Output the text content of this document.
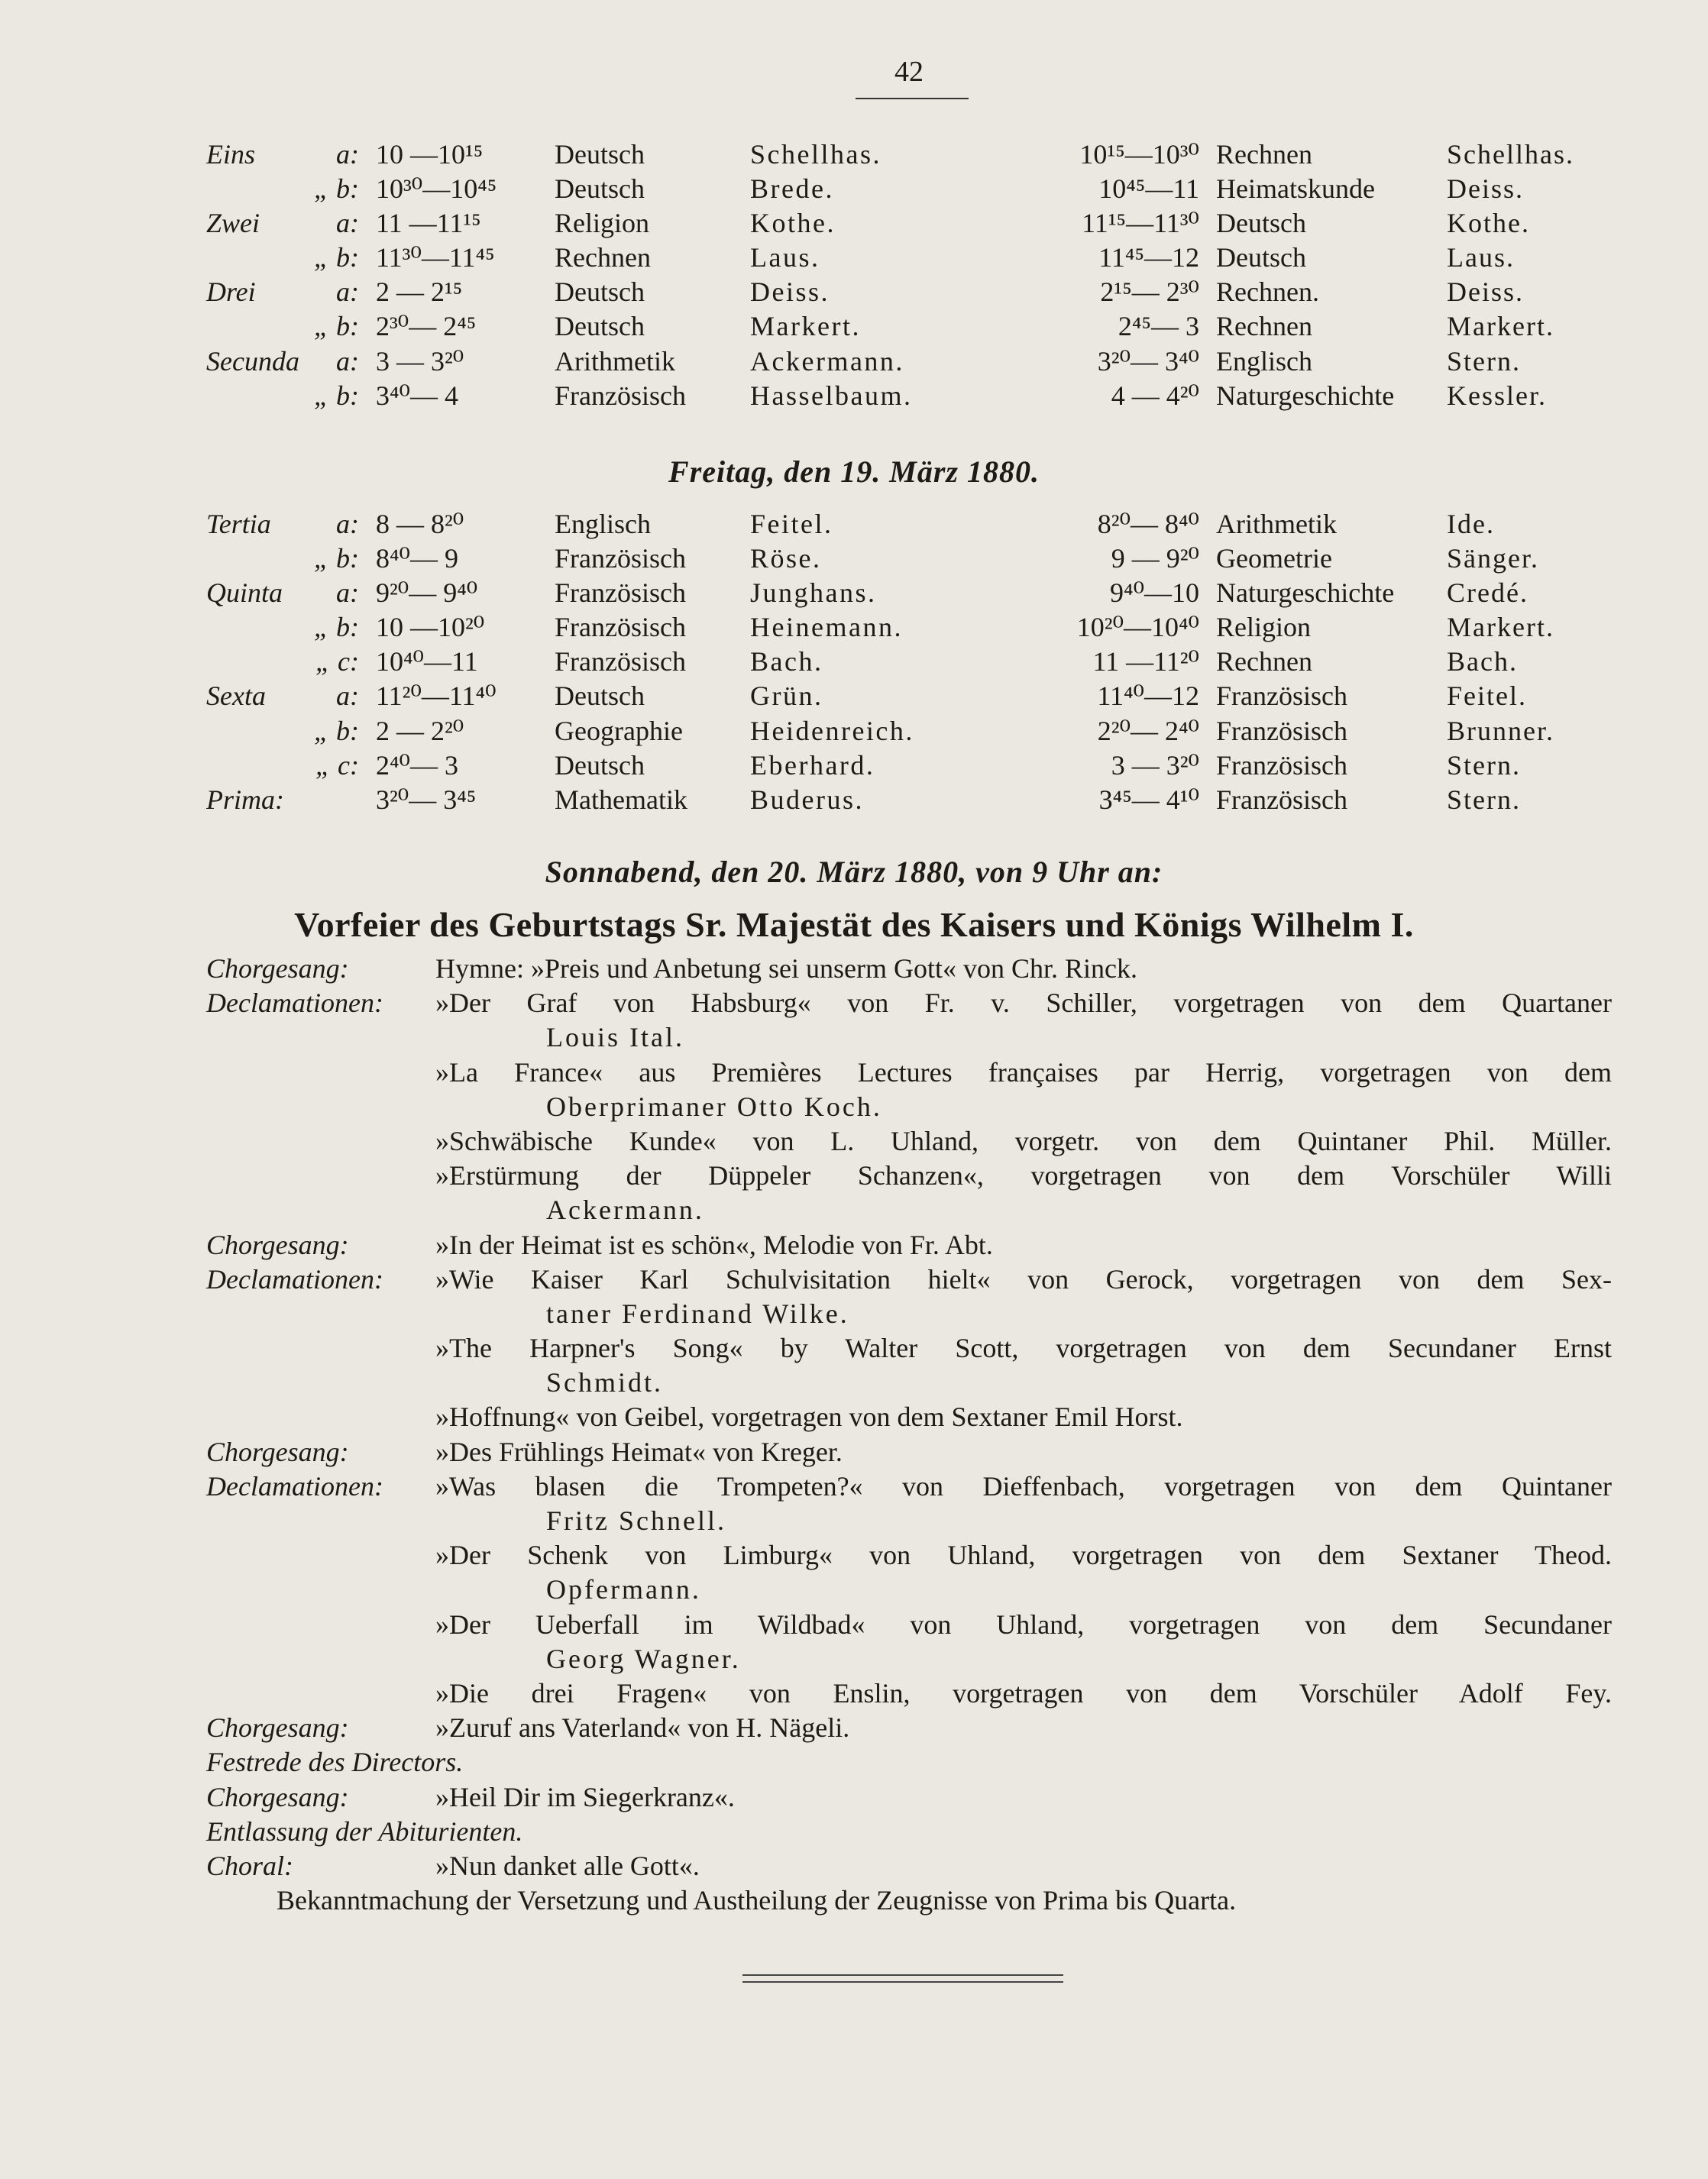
42
Eins	a: 10 —10¹⁵	Deutsch	Schellhas.	10¹⁵—10³⁰ Rechnen	Schellhas.
„ b: 10³⁰—10⁴⁵ Deutsch	Brede.	10⁴⁵—11 Heimatskunde	Deiss.
Zwei	a: 11 —11¹⁵	Religion	Kothe.	11¹⁵—11³⁰ Deutsch	Kothe.
„ b: 11³⁰—11⁴⁵ Rechnen	Laus.	11⁴⁵—12 Deutsch	Laus.
Drei	a: 2 — 2¹⁵	Deutsch	Deiss.	2¹⁵— 2³⁰ Rechnen.	Deiss.
„ b: 2³⁰— 2⁴⁵	Deutsch	Markert.	2⁴⁵— 3 Rechnen	Markert.
Secunda	a: 3 — 3²⁰	Arithmetik	Ackermann.	3²⁰— 3⁴⁰ Englisch	Stern.
„ b: 3⁴⁰— 4	Französisch Hasselbaum.	4 — 4²⁰ Naturgeschichte Kessler.
Freitag, den 19. März 1880.
Tertia	a: 8 — 8²⁰	Englisch	Feitel.	8²⁰— 8⁴⁰ Arithmetik	Ide.
„ b: 8⁴⁰— 9	Französisch Röse.	9 — 9²⁰ Geometrie	Sänger.
Quinta	a: 9²⁰— 9⁴⁰	Französisch Junghans.	9⁴⁰—10 Naturgeschichte Credé.
„ b: 10 —10²⁰	Französisch Heinemann.	10²⁰—10⁴⁰ Religion	Markert.
„ c: 10⁴⁰—11	Französisch Bach.	11 —11²⁰ Rechnen	Bach.
Sexta	a: 11²⁰—11⁴⁰ Deutsch	Grün.	11⁴⁰—12 Französisch	Feitel.
„ b: 2 — 2²⁰	Geographie Heidenreich.	2²⁰— 2⁴⁰ Französisch	Brunner.
„ c: 2⁴⁰— 3	Deutsch	Eberhard.	3 — 3²⁰ Französisch	Stern.
Prima:	3²⁰— 3⁴⁵	Mathematik Buderus.	3⁴⁵— 4¹⁰ Französisch	Stern.
Sonnabend, den 20. März 1880, von 9 Uhr an:
Vorfeier des Geburtstags Sr. Majestät des Kaisers und Königs Wilhelm I.
Chorgesang:	Hymne: »Preis und Anbetung sei unserm Gott« von Chr. Rinck.
Declamationen: »Der Graf von Habsburg« von Fr. v. Schiller, vorgetragen von dem Quartaner
Louis Ital.
»La France« aus Premières Lectures françaises par Herrig, vorgetragen von dem
Oberprimaner Otto Koch.
»Schwäbische Kunde« von L. Uhland, vorgetr. von dem Quintaner Phil. Müller.
»Erstürmung der Düppeler Schanzen«, vorgetragen von dem Vorschüler Willi
Ackermann.
Chorgesang:	»In der Heimat ist es schön«, Melodie von Fr. Abt.
Declamationen: »Wie Kaiser Karl Schulvisitation hielt« von Gerock, vorgetragen von dem Sex-
taner Ferdinand Wilke.
»The Harpner's Song« by Walter Scott, vorgetragen von dem Secundaner Ernst
Schmidt.
»Hoffnung« von Geibel, vorgetragen von dem Sextaner Emil Horst.
Chorgesang:	»Des Frühlings Heimat« von Kreger.
Declamationen: »Was blasen die Trompeten?« von Dieffenbach, vorgetragen von dem Quintaner
Fritz Schnell.
»Der Schenk von Limburg« von Uhland, vorgetragen von dem Sextaner Theod.
Opfermann.
»Der Ueberfall im Wildbad« von Uhland, vorgetragen von dem Secundaner
Georg Wagner.
»Die drei Fragen« von Enslin, vorgetragen von dem Vorschüler Adolf Fey.
Chorgesang:	»Zuruf ans Vaterland« von H. Nägeli.
Festrede des Directors.
Chorgesang:	»Heil Dir im Siegerkranz«.
Entlassung der Abiturienten.
Choral:	»Nun danket alle Gott«.
Bekanntmachung der Versetzung und Austheilung der Zeugnisse von Prima bis Quarta.
